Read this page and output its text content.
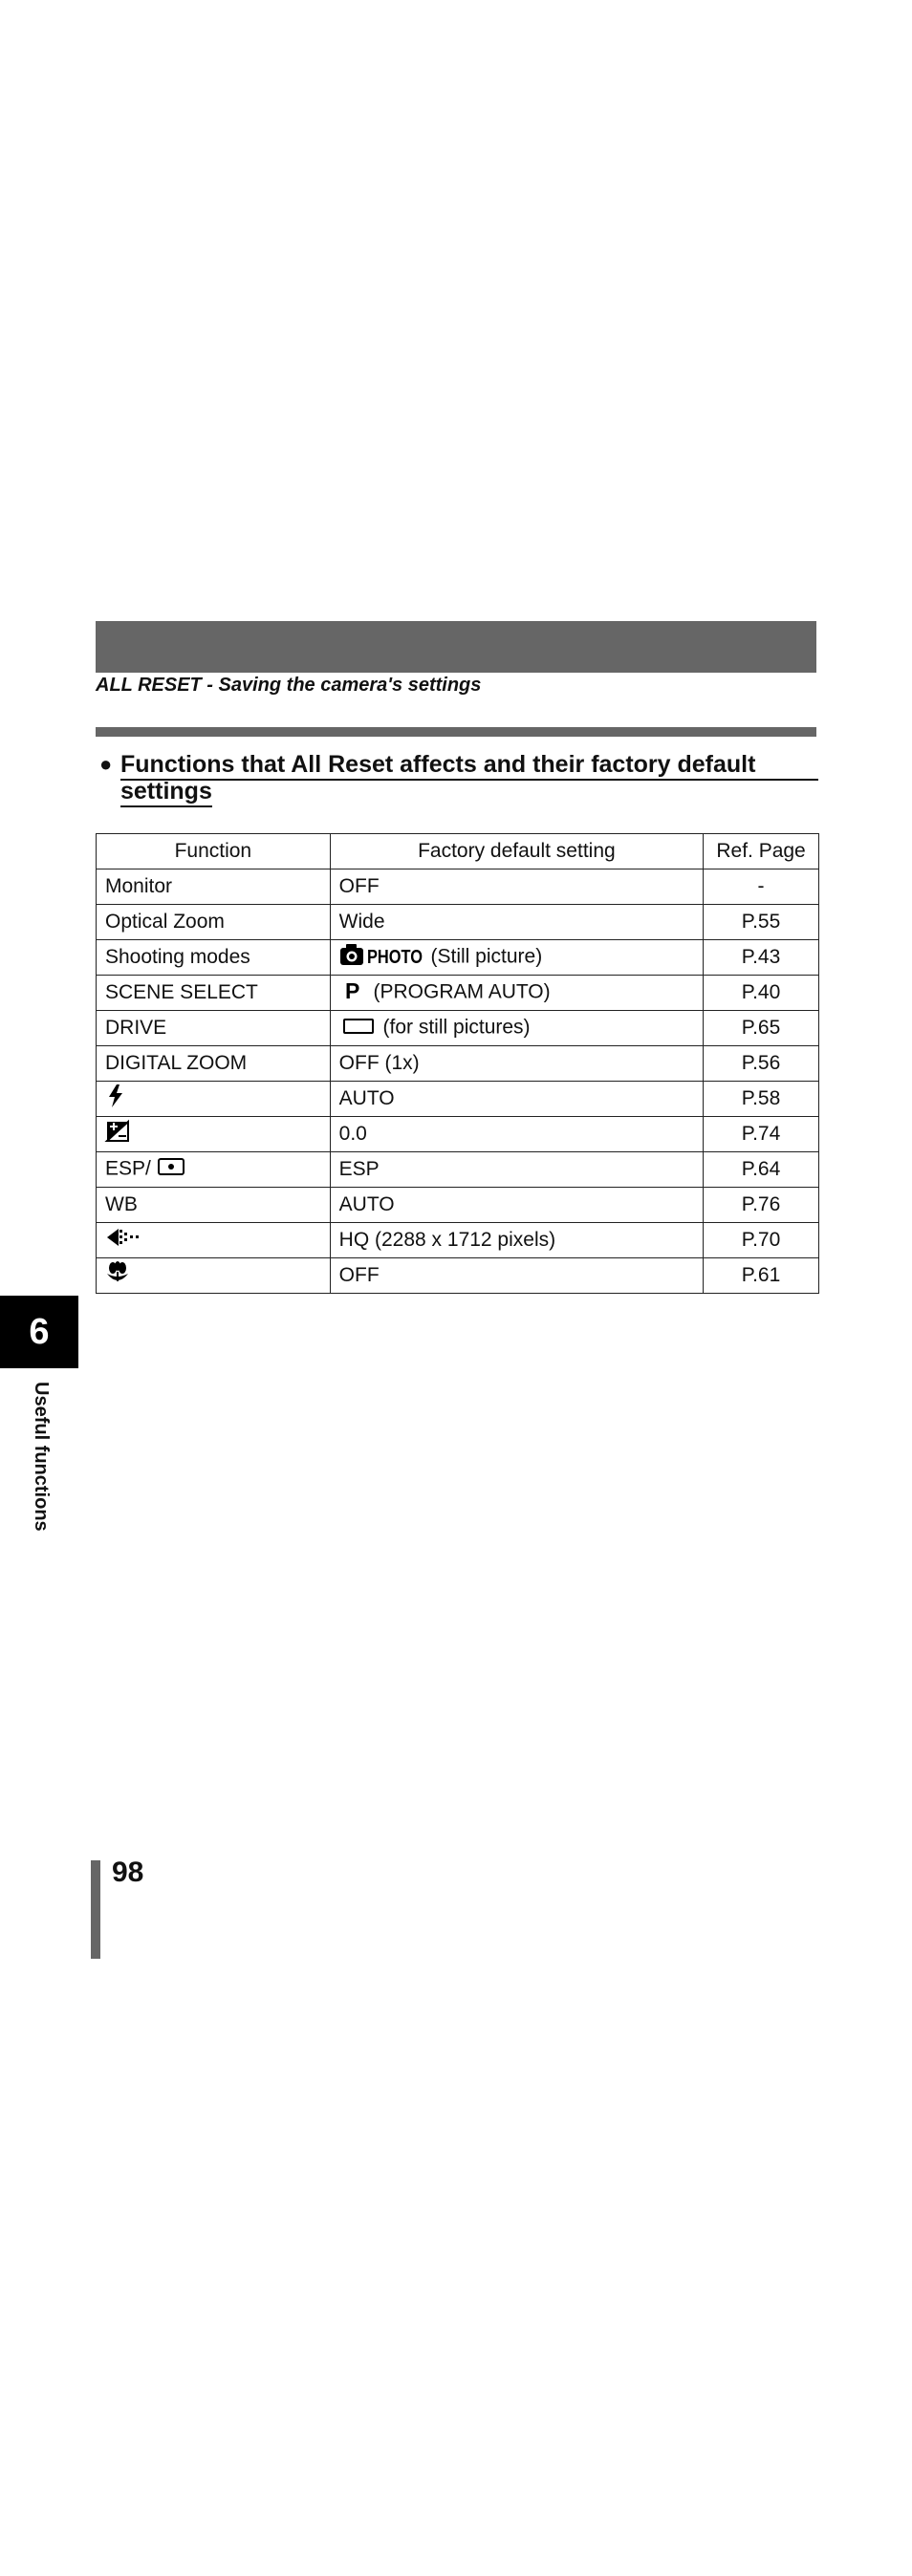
ALL RESET - Saving the camera's settings
● Functions that All Reset affects and their factory default
settings
Function	Factory default setting	Ref. Page
Monitor	OFF	-
Optical Zoom	Wide	P.55
Shooting modes	PHOTO (Still picture)	P.43
SCENE SELECT	P (PROGRAM AUTO)	P.40
DRIVE	(for still pictures)	P.65
DIGITAL ZOOM	OFF (1x)	P.56
	AUTO	P.58
	0.0	P.74
ESP/	ESP	P.64
WB	AUTO	P.76
	HQ (2288 x 1712 pixels)	P.70
	OFF	P.61
6
Useful functions
98
